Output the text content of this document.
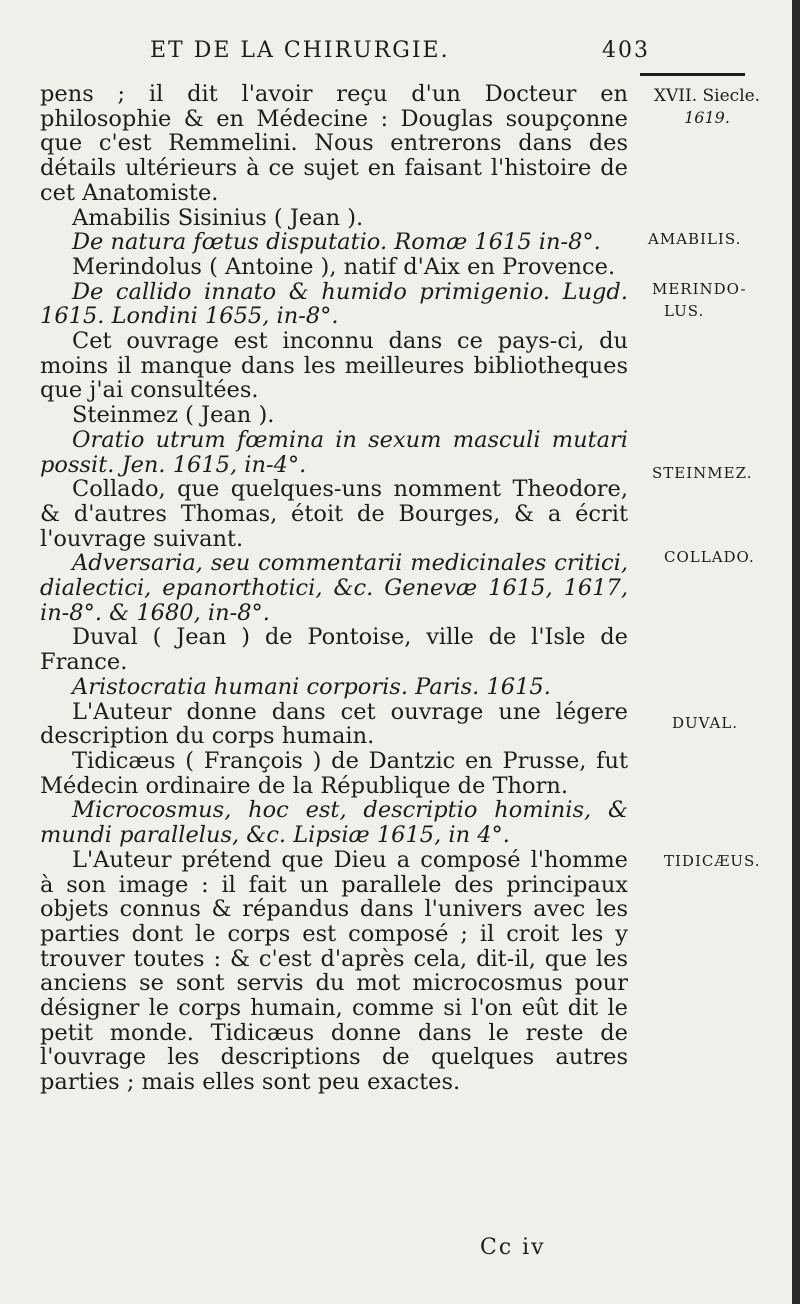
ET DE LA CHIRURGIE.	403
XVII. Siecle.
1619.
AMABILIS.
MERINDO-
LUS.
STEINMEZ.
COLLADO.
DUVAL.
TIDICÆUS.

pens ; il dit l'avoir reçu d'un Docteur en philosophie & en Médecine : Douglas soupçonne que c'est Remmelini. Nous entrerons dans des détails ultérieurs à ce sujet en faisant l'histoire de cet Anatomiste.

Amabilis Sisinius ( Jean ).

De natura fœtus disputatio. Romæ 1615 in-8°.

Merindolus ( Antoine ), natif d'Aix en Provence.

De callido innato & humido primigenio. Lugd. 1615. Londini 1655, in-8°.

Cet ouvrage est inconnu dans ce pays-ci, du moins il manque dans les meilleures bibliotheques que j'ai consultées.

Steinmez ( Jean ).

Oratio utrum fœmina in sexum masculi mutari possit. Jen. 1615, in-4°.

Collado, que quelques-uns nomment Theodore, & d'autres Thomas, étoit de Bourges, & a écrit l'ouvrage suivant.

Adversaria, seu commentarii medicinales critici, dialectici, epanorthotici, &c. Genevæ 1615, 1617, in-8°. & 1680, in-8°.

Duval ( Jean ) de Pontoise, ville de l'Isle de France.

Aristocratia humani corporis. Paris. 1615.

L'Auteur donne dans cet ouvrage une légere description du corps humain.

Tidicæus ( François ) de Dantzic en Prusse, fut Médecin ordinaire de la République de Thorn.

Microcosmus, hoc est, descriptio hominis, & mundi parallelus, &c. Lipsiæ 1615, in 4°.

L'Auteur prétend que Dieu a composé l'homme à son image : il fait un parallele des principaux objets connus & répandus dans l'univers avec les parties dont le corps est composé ; il croit les y trouver toutes : & c'est d'après cela, dit-il, que les anciens se sont servis du mot microcosmus pour désigner le corps humain, comme si l'on eût dit le petit monde. Tidicæus donne dans le reste de l'ouvrage les descriptions de quelques autres parties ; mais elles sont peu exactes.

Cc iv
